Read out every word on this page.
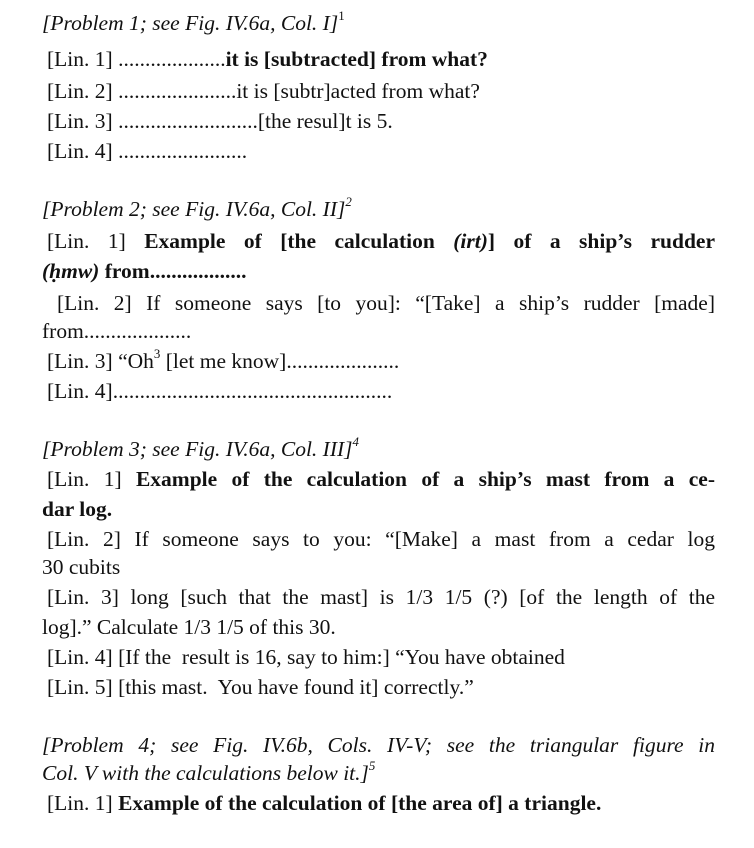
[Problem 1; see Fig. IV.6a, Col. I]$^1$
[Lin. 1] ....................it is [subtracted] from what?
[Lin. 2] ......................it is [subtr]acted from what?
[Lin. 3] ..........................[the resul]t is 5.
[Lin. 4] ........................
[Problem 2; see Fig. IV.6a, Col. II]$^2$
[Lin. 1] Example of [the calculation (irt)] of a ship’s rudder
(ḥmw) from..................
[Lin. 2] If someone says [to you]: “[Take] a ship’s rudder [made]
from....................
[Lin. 3] “Oh$^3$ [let me know].....................
[Lin. 4]....................................................
[Problem 3; see Fig. IV.6a, Col. III]$^4$
[Lin. 1] Example of the calculation of a ship’s mast from a ce-
dar log.
[Lin. 2] If someone says to you: “[Make] a mast from a cedar log
30 cubits
[Lin. 3] long [such that the mast] is 1/3 1/5 (?) [of the length of the
log].” Calculate 1/3 1/5 of this 30.
[Lin. 4] [If the  result is 16, say to him:] “You have obtained
[Lin. 5] [this mast.  You have found it] correctly.”
[Problem 4; see Fig. IV.6b, Cols. IV-V; see the triangular figure in
Col. V with the calculations below it.]$^5$
[Lin. 1] Example of the calculation of [the area of] a triangle.
